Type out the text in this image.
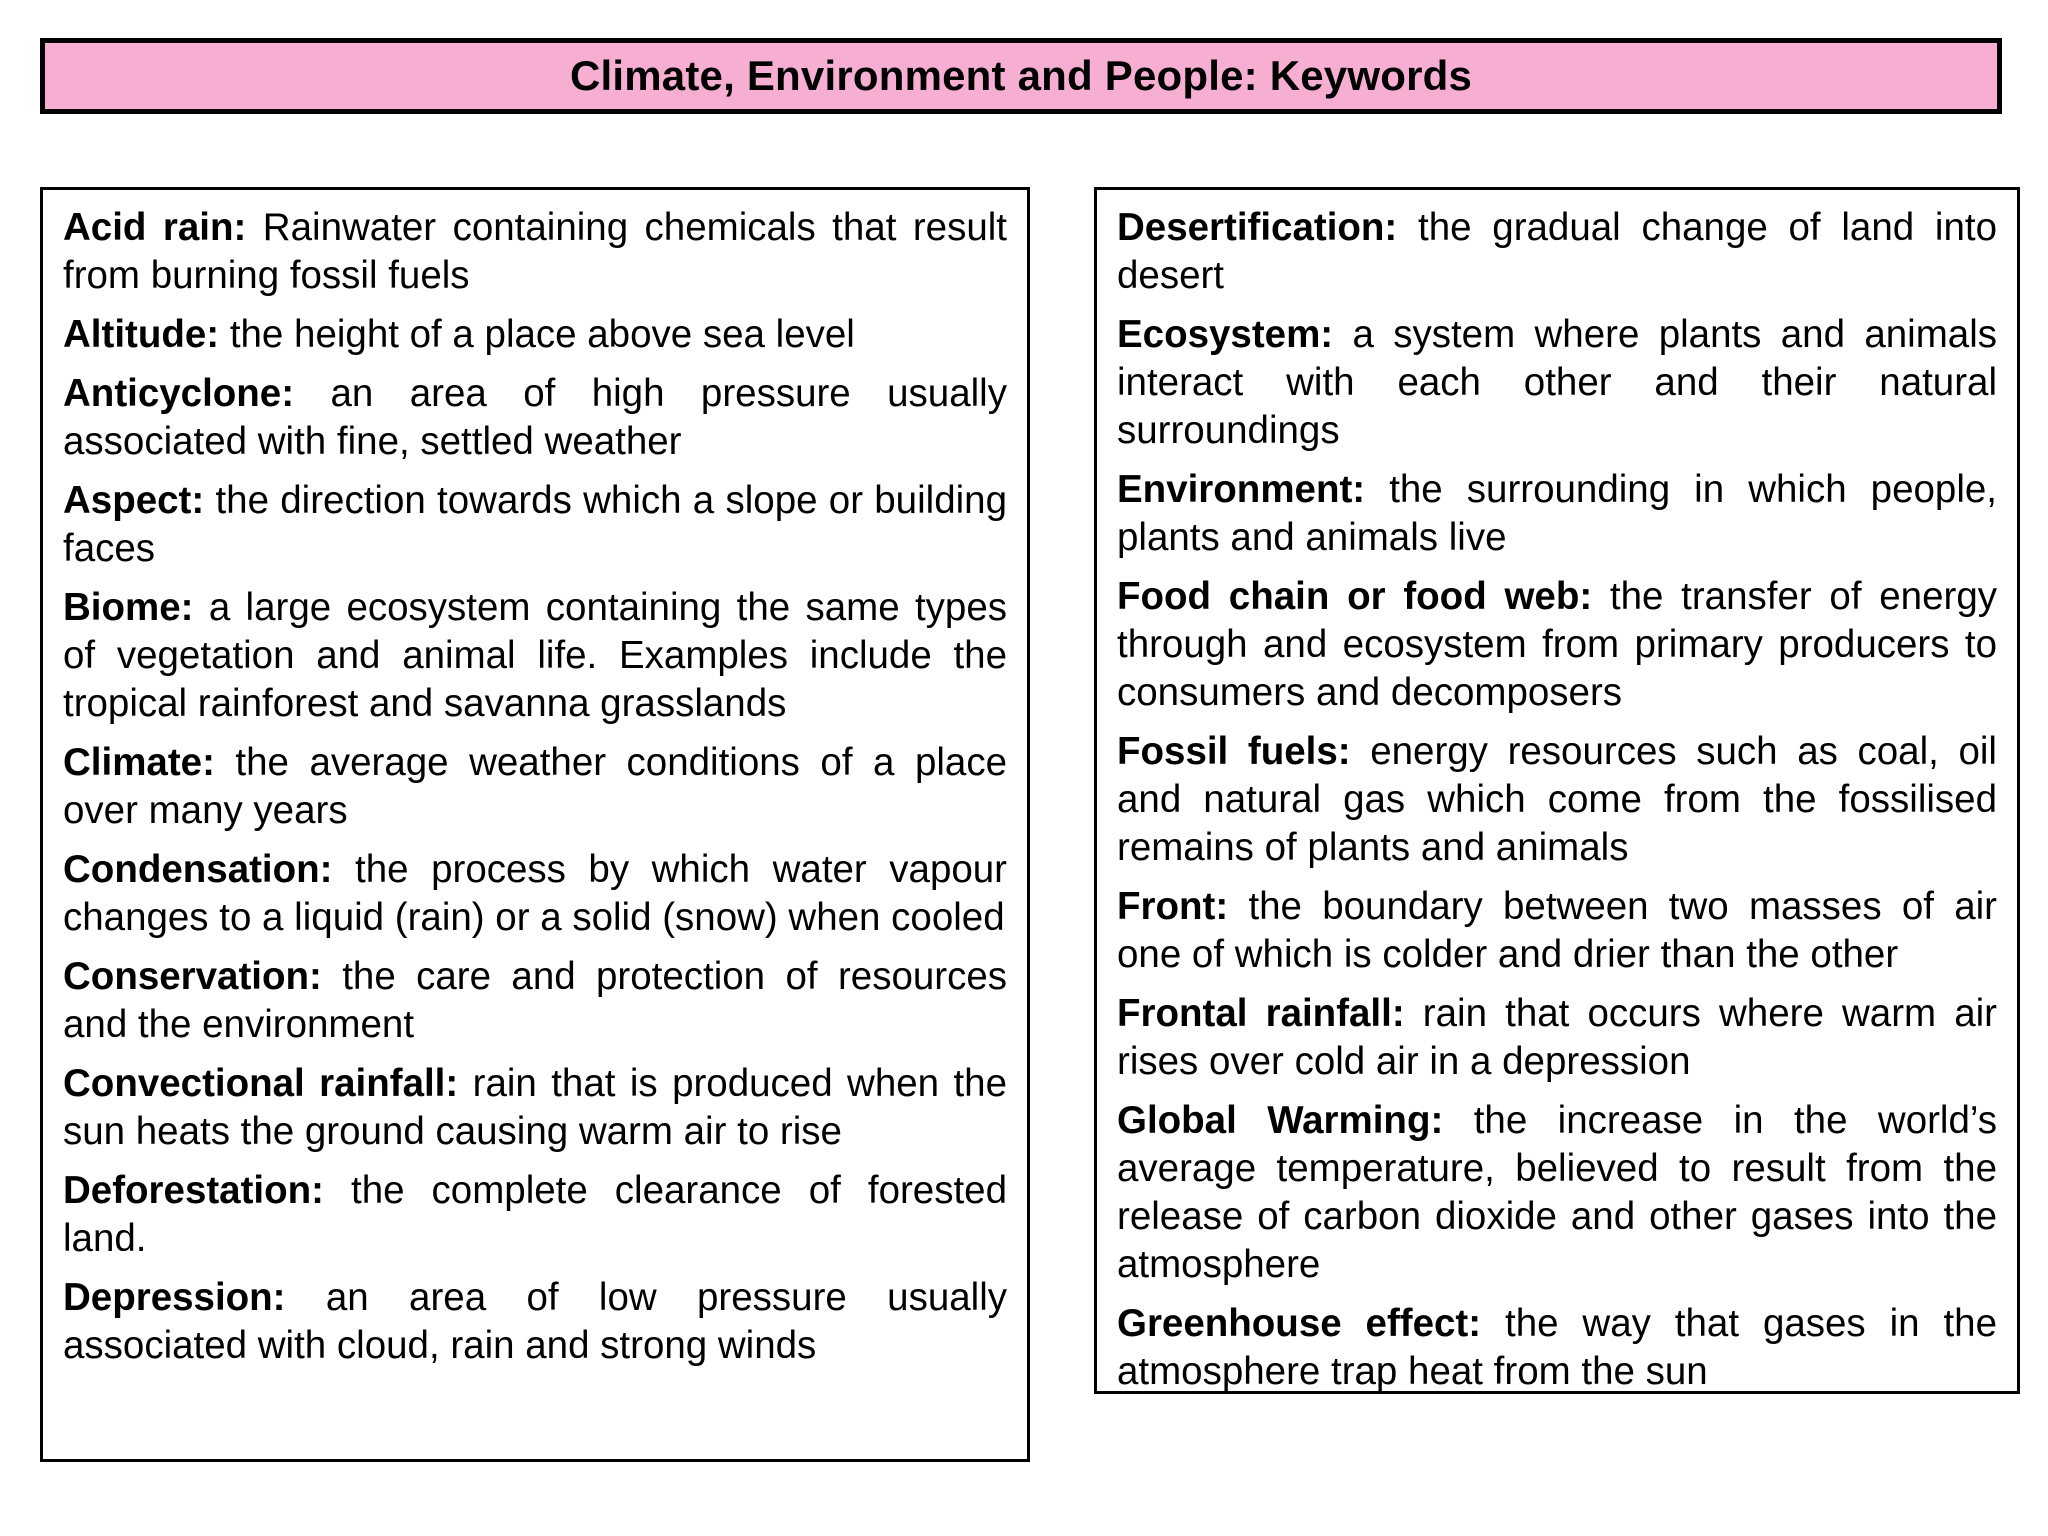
Climate, Environment and People: Keywords

Acid rain: Rainwater containing chemicals that result from burning fossil fuels

Altitude: the height of a place above sea level

Anticyclone: an area of high pressure usually associated with fine, settled weather

Aspect: the direction towards which a slope or building faces

Biome: a large ecosystem containing the same types of vegetation and animal life. Examples include the tropical rainforest and savanna grasslands

Climate: the average weather conditions of a place over many years

Condensation: the process by which water vapour changes to a liquid (rain) or a solid (snow) when cooled

Conservation: the care and protection of resources and the environment

Convectional rainfall: rain that is produced when the sun heats the ground causing warm air to rise

Deforestation: the complete clearance of forested land.

Depression: an area of low pressure usually associated with cloud, rain and strong winds

Desertification: the gradual change of land into desert

Ecosystem: a system where plants and animals interact with each other and their natural surroundings

Environment: the surrounding in which people, plants and animals live

Food chain or food web: the transfer of energy through and ecosystem from primary producers to consumers and decomposers

Fossil fuels: energy resources such as coal, oil and natural gas which come from the fossilised remains of plants and animals

Front: the boundary between two masses of air one of which is colder and drier than the other

Frontal rainfall: rain that occurs where warm air rises over cold air in a depression

Global Warming: the increase in the world’s average temperature, believed to result from the release of carbon dioxide and other gases into the atmosphere

Greenhouse effect: the way that gases in the atmosphere trap heat from the sun
